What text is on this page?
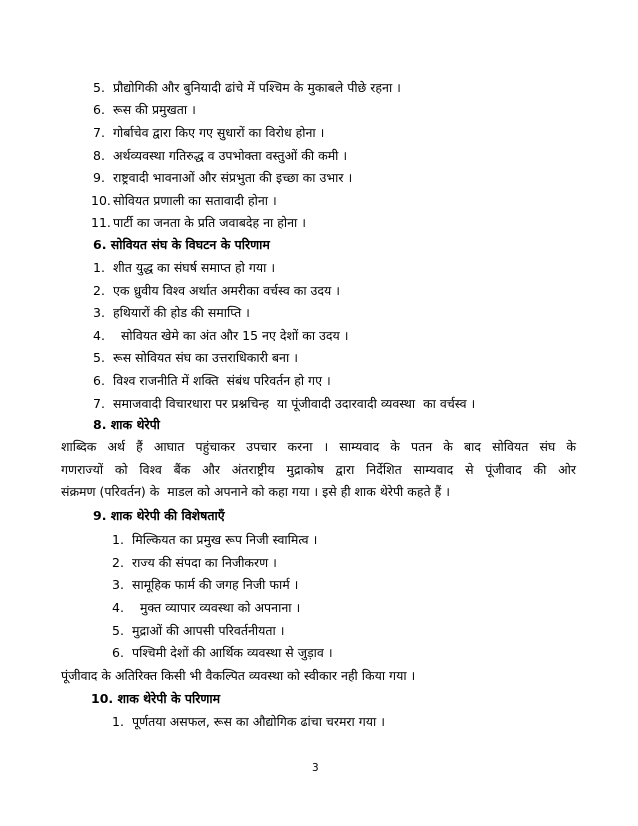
5. प्रौद्योगिकी और बुनियादी ढांचे में पश्चिम के मुकाबले पीछे रहना ।
6. रूस की प्रमुखता ।
7. गोर्बाचेव द्वारा किए गए सुधारों का विरोध होना ।
8. अर्थव्यवस्था गतिरुद्ध व उपभोक्ता वस्तुओं की कमी ।
9. राष्ट्रवादी भावनाओं और संप्रभुता की इच्छा का उभार ।
10. सोवियत प्रणाली का सतावादी होना ।
11. पार्टी का जनता के प्रति जवाबदेह ना होना ।
6. सोवियत संघ के विघटन के परिणाम
1. शीत युद्ध का संघर्ष समाप्त हो गया ।
2. एक ध्रुवीय विश्व अर्थात अमरीका वर्चस्व का उदय ।
3. हथियारों की होड की समाप्ति ।
4.  सोवियत खेमे का अंत और 15 नए देशों का उदय ।
5. रूस सोवियत संघ का उत्तराधिकारी बना ।
6. विश्व राजनीति में शक्ति  संबंध परिवर्तन हो गए ।
7. समाजवादी विचारधारा पर प्रश्नचिन्ह  या पूंजीवादी उदारवादी व्यवस्था  का वर्चस्व ।
8. शाक थेरेपी
शाब्दिक अर्थ हैं आघात पहुंचाकर उपचार करना । साम्यवाद के पतन के बाद सोवियत संघ के
गणराज्यों को विश्व बैंक और अंतराष्ट्रीय मुद्राकोष द्वारा निर्देशित साम्यवाद से पूंजीवाद की ओर
संक्रमण (परिवर्तन) के  माडल को अपनाने को कहा गया । इसे ही शाक थेरेपी कहते हैं ।
9. शाक थेरेपी की विशेषताएँ
1. मिल्कियत का प्रमुख रूप निजी स्वामित्व ।
2. राज्य की संपदा का निजीकरण ।
3. सामूहिक फार्म की जगह निजी फार्म ।
4.  मुक्त व्यापार व्यवस्था को अपनाना ।
5. मुद्राओं की आपसी परिवर्तनीयता ।
6. पश्चिमी देशों की आर्थिक व्यवस्था से जुड़ाव ।
पूंजीवाद के अतिरिक्त किसी भी वैकल्पित व्यवस्था को स्वीकार नही किया गया ।
10. शाक थेरेपी के परिणाम
1. पूर्णतया असफल, रूस का औद्योगिक ढांचा चरमरा गया ।
3
